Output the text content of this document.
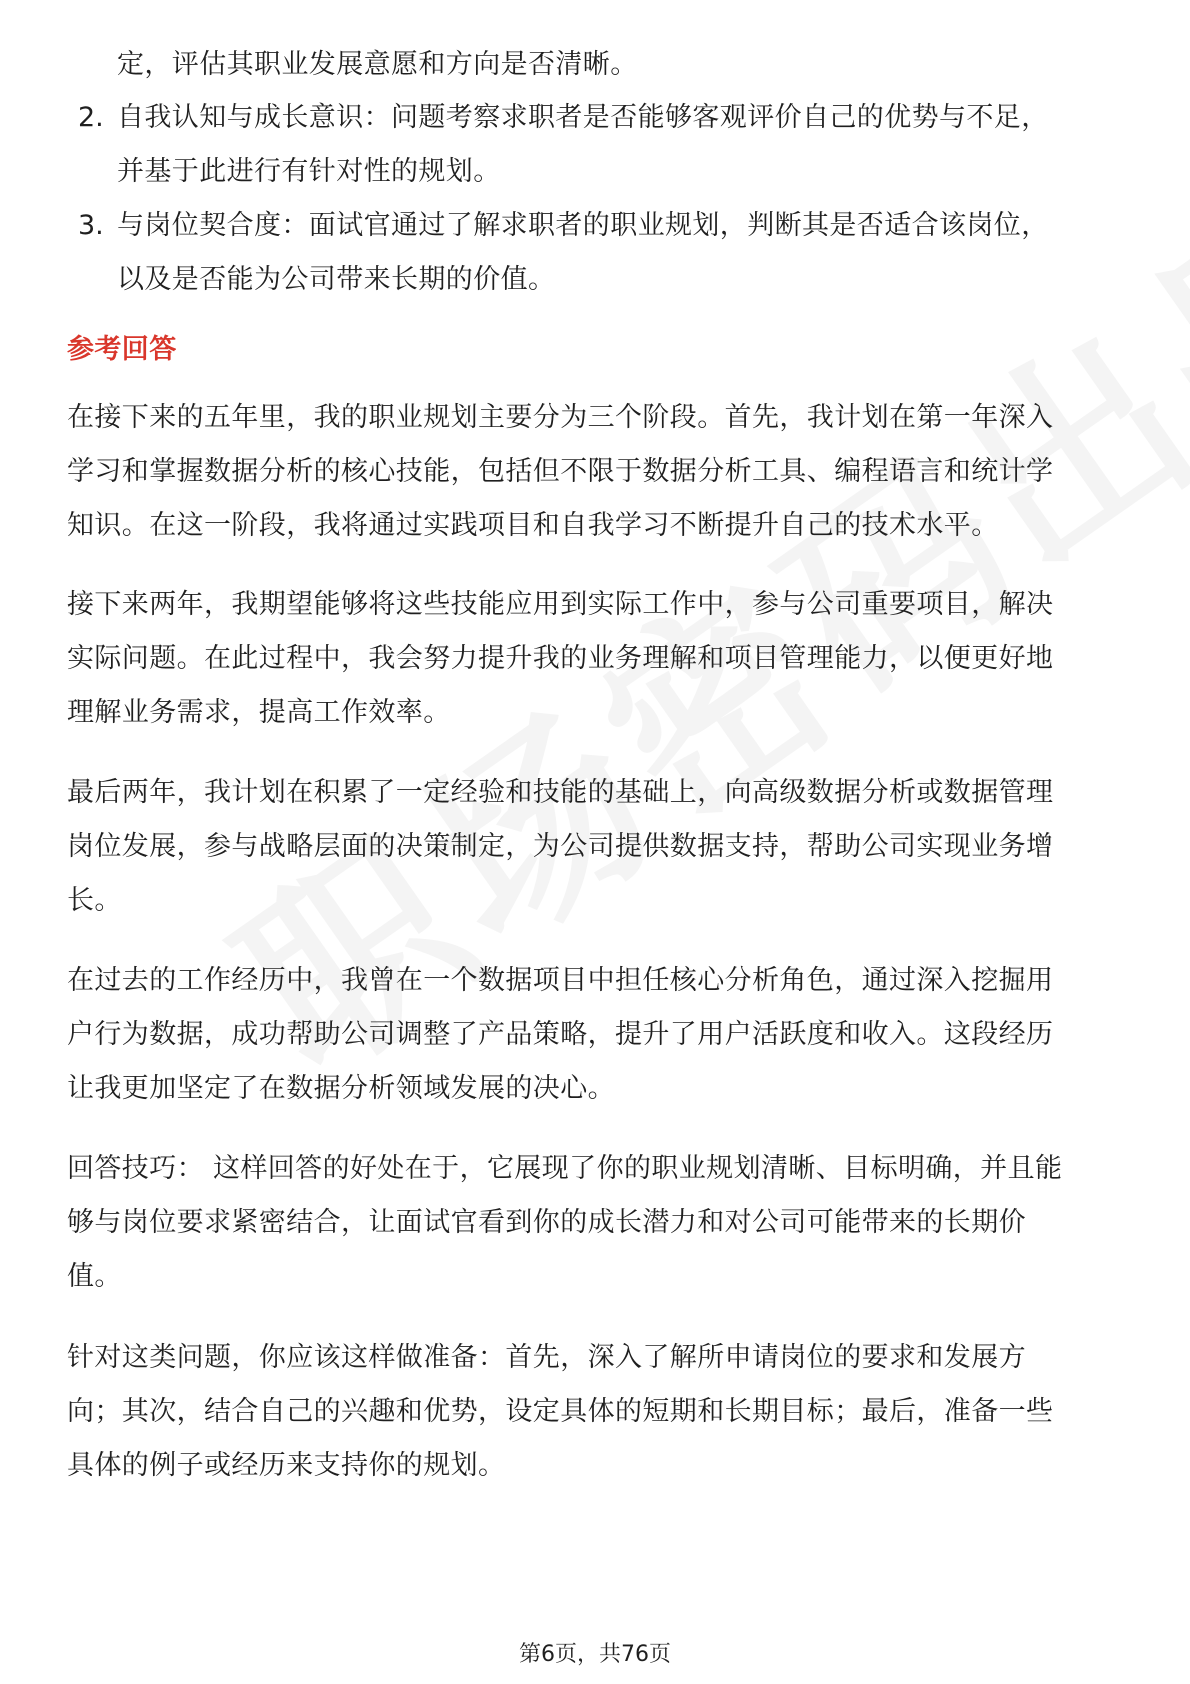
定，评估其职业发展意愿和方向是否清晰。
2. 自我认知与成长意识：问题考察求职者是否能够客观评价自己的优势与不足，
并基于此进行有针对性的规划。
3. 与岗位契合度：面试官通过了解求职者的职业规划，判断其是否适合该岗位，
以及是否能为公司带来长期的价值。
参考回答
在接下来的五年里，我的职业规划主要分为三个阶段。首先，我计划在第一年深入
学习和掌握数据分析的核心技能，包括但不限于数据分析工具、编程语言和统计学
知识。在这一阶段，我将通过实践项目和自我学习不断提升自己的技术水平。
接下来两年，我期望能够将这些技能应用到实际工作中，参与公司重要项目，解决
实际问题。在此过程中，我会努力提升我的业务理解和项目管理能力，以便更好地
理解业务需求，提高工作效率。
最后两年，我计划在积累了一定经验和技能的基础上，向高级数据分析或数据管理
岗位发展，参与战略层面的决策制定，为公司提供数据支持，帮助公司实现业务增
长。
在过去的工作经历中，我曾在一个数据项目中担任核心分析角色，通过深入挖掘用
户行为数据，成功帮助公司调整了产品策略，提升了用户活跃度和收入。这段经历
让我更加坚定了在数据分析领域发展的决心。
回答技巧： 这样回答的好处在于，它展现了你的职业规划清晰、目标明确，并且能
够与岗位要求紧密结合，让面试官看到你的成长潜力和对公司可能带来的长期价
值。
针对这类问题，你应该这样做准备：首先，深入了解所申请岗位的要求和发展方
向；其次，结合自己的兴趣和优势，设定具体的短期和长期目标；最后，准备一些
具体的例子或经历来支持你的规划。
第6页，共76页
